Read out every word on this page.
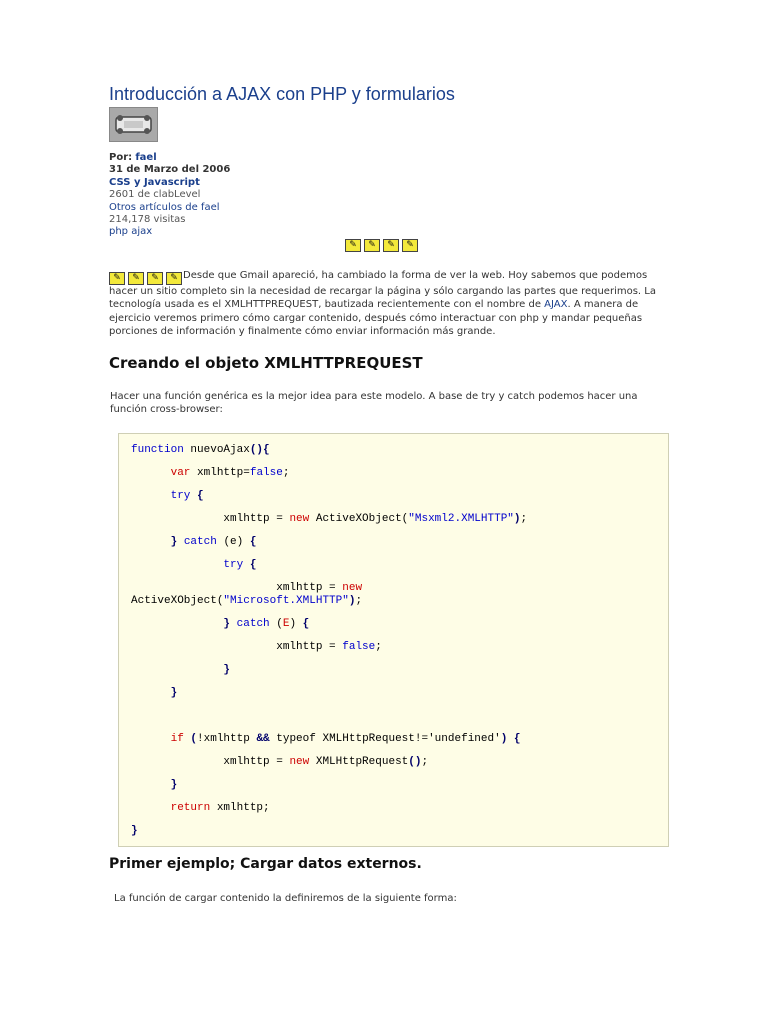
Introducción a AJAX con PHP y formularios
Por: fael
31 de Marzo del 2006
CSS y Javascript
2601 de clabLevel
Otros artículos de fael
214,178 visitas
php ajax
✎	✎	✎	✎

✎	✎	✎	✎ Desde que Gmail apareció, ha cambiado la forma de ver la web. Hoy sabemos que podemos hacer un sitio completo sin la necesidad de recargar la página y sólo cargando las partes que requerimos. La tecnología usada es el XMLHTTPREQUEST, bautizada recientemente con el nombre de AJAX. A manera de ejercicio veremos primero cómo cargar contenido, después cómo interactuar con php y mandar pequeñas porciones de información y finalmente cómo enviar información más grande.

Creando el objeto XMLHTTPREQUEST

Hacer una función genérica es la mejor idea para este modelo. A base de try y catch podemos hacer una función cross-browser:

function nuevoAjax(){
var xmlhttp=false;
try {
xmlhttp = new ActiveXObject("Msxml2.XMLHTTP");
} catch (e) {
try {
xmlhttp = new
ActiveXObject("Microsoft.XMLHTTP");
} catch (E) {
xmlhttp = false;
}
}
if (!xmlhttp && typeof XMLHttpRequest!='undefined') {
xmlhttp = new XMLHttpRequest();
}
return xmlhttp;
}
Primer ejemplo; Cargar datos externos.

La función de cargar contenido la definiremos de la siguiente forma:
